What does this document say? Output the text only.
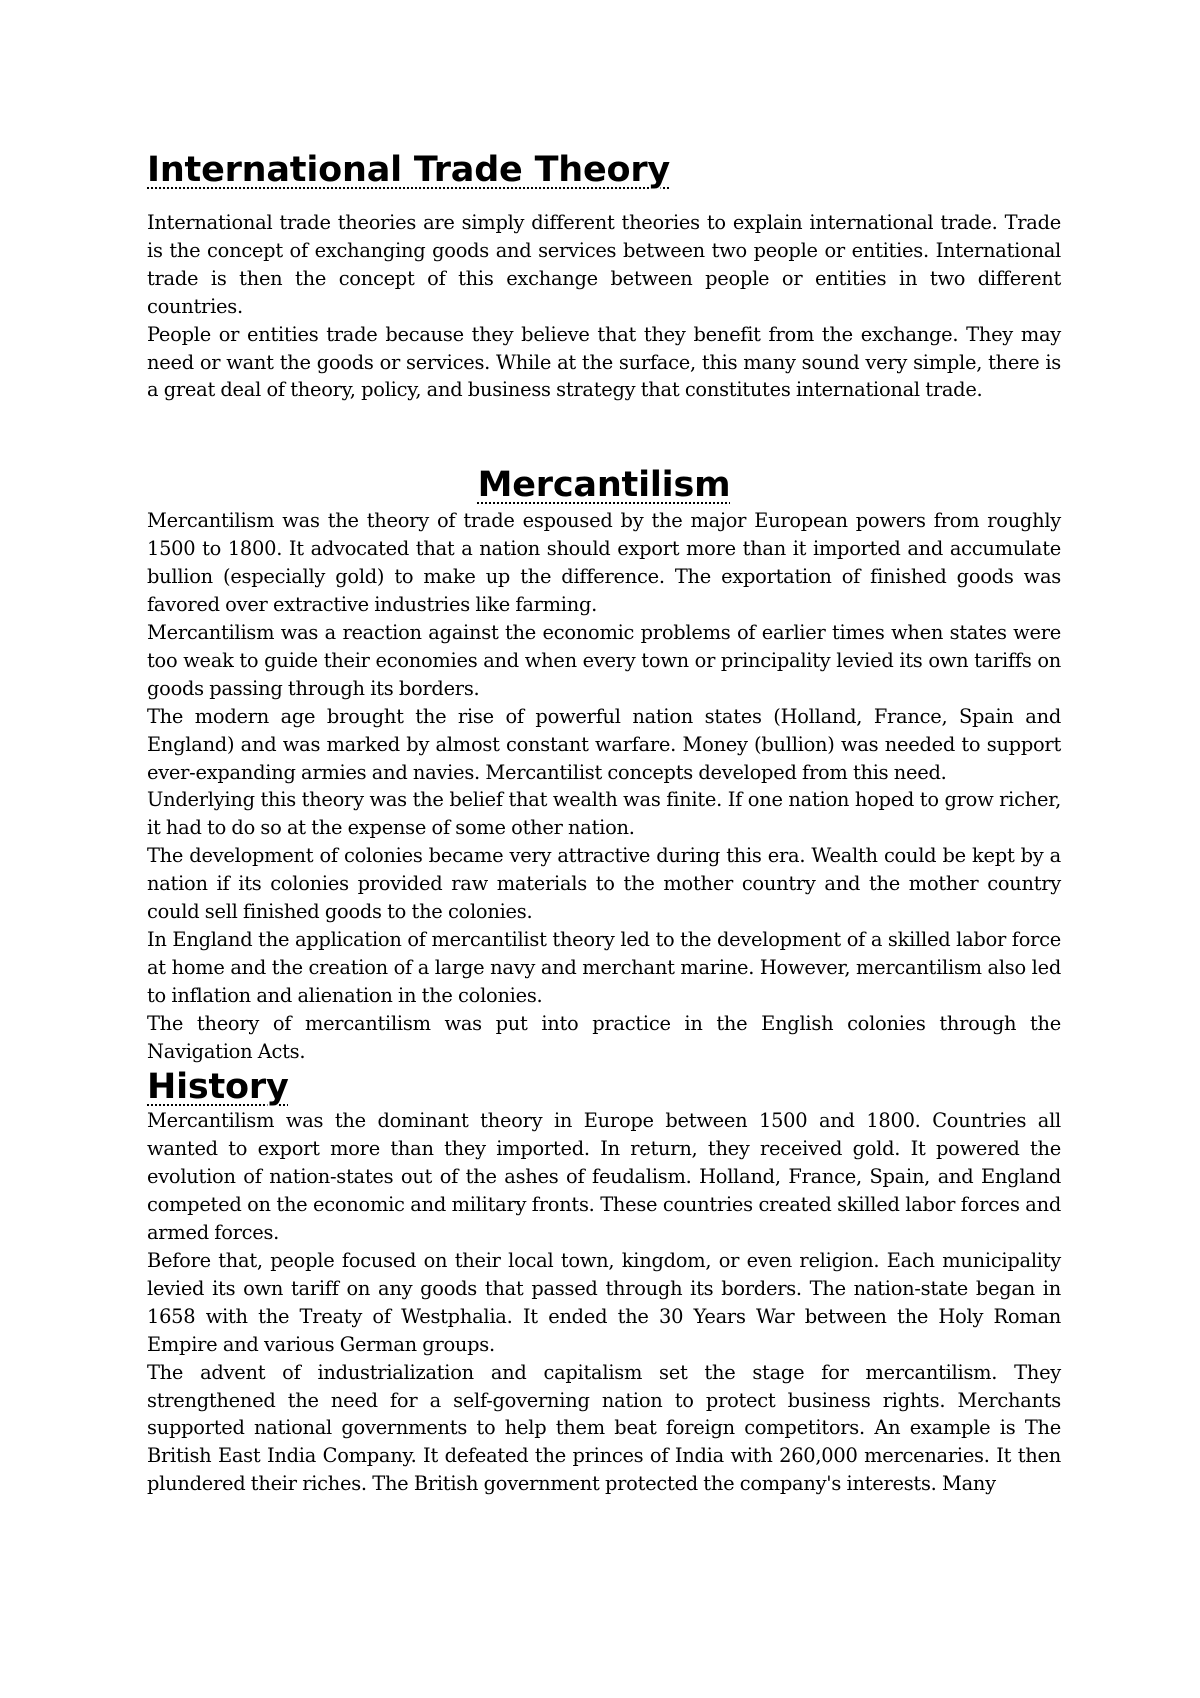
International Trade Theory

International trade theories are simply different theories to explain international trade. Trade is the concept of exchanging goods and services between two people or entities. International trade is then the concept of this exchange between people or entities in two different countries.

People or entities trade because they believe that they benefit from the exchange. They may need or want the goods or services. While at the surface, this many sound very simple, there is a great deal of theory, policy, and business strategy that constitutes international trade.

Mercantilism

Mercantilism was the theory of trade espoused by the major European powers from roughly 1500 to 1800. It advocated that a nation should export more than it imported and accumulate bullion (especially gold) to make up the difference. The exportation of finished goods was favored over extractive industries like farming.

Mercantilism was a reaction against the economic problems of earlier times when states were too weak to guide their economies and when every town or principality levied its own tariffs on goods passing through its borders.

The modern age brought the rise of powerful nation states (Holland, France, Spain and England) and was marked by almost constant warfare. Money (bullion) was needed to support ever-expanding armies and navies. Mercantilist concepts developed from this need.

Underlying this theory was the belief that wealth was finite. If one nation hoped to grow richer, it had to do so at the expense of some other nation.

The development of colonies became very attractive during this era. Wealth could be kept by a nation if its colonies provided raw materials to the mother country and the mother country could sell finished goods to the colonies.

In England the application of mercantilist theory led to the development of a skilled labor force at home and the creation of a large navy and merchant marine. However, mercantilism also led to inflation and alienation in the colonies.

The theory of mercantilism was put into practice in the English colonies through the Navigation Acts.

History

Mercantilism was the dominant theory in Europe between 1500 and 1800. Countries all wanted to export more than they imported. In return, they received gold. It powered the evolution of nation-states out of the ashes of feudalism. Holland, France, Spain, and England competed on the economic and military fronts. These countries created skilled labor forces and armed forces.

Before that, people focused on their local town, kingdom, or even religion. Each municipality levied its own tariff on any goods that passed through its borders. The nation-state began in 1658 with the Treaty of Westphalia. It ended the 30 Years War between the Holy Roman Empire and various German groups.

The advent of industrialization and capitalism set the stage for mercantilism. They strengthened the need for a self-governing nation to protect business rights. Merchants supported national governments to help them beat foreign competitors. An example is The British East India Company. It defeated the princes of India with 260,000 mercenaries. It then plundered their riches. The British government protected the company's interests. Many
